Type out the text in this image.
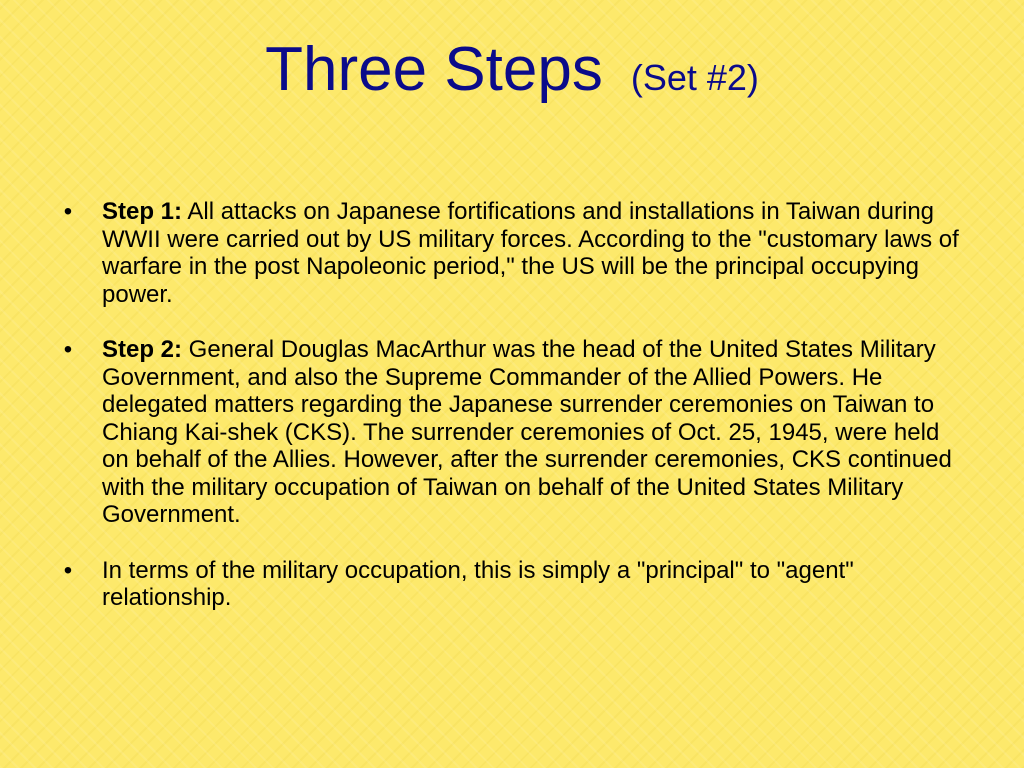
Three Steps (Set #2)
• Step 1: All attacks on Japanese fortifications and installations in Taiwan during WWII were carried out by US military forces. According to the "customary laws of warfare in the post Napoleonic period," the US will be the principal occupying power.
• Step 2: General Douglas MacArthur was the head of the United States Military Government, and also the Supreme Commander of the Allied Powers. He delegated matters regarding the Japanese surrender ceremonies on Taiwan to Chiang Kai-shek (CKS). The surrender ceremonies of Oct. 25, 1945, were held on behalf of the Allies. However, after the surrender ceremonies, CKS continued with the military occupation of Taiwan on behalf of the United States Military Government.
• In terms of the military occupation, this is simply a "principal" to "agent" relationship.
